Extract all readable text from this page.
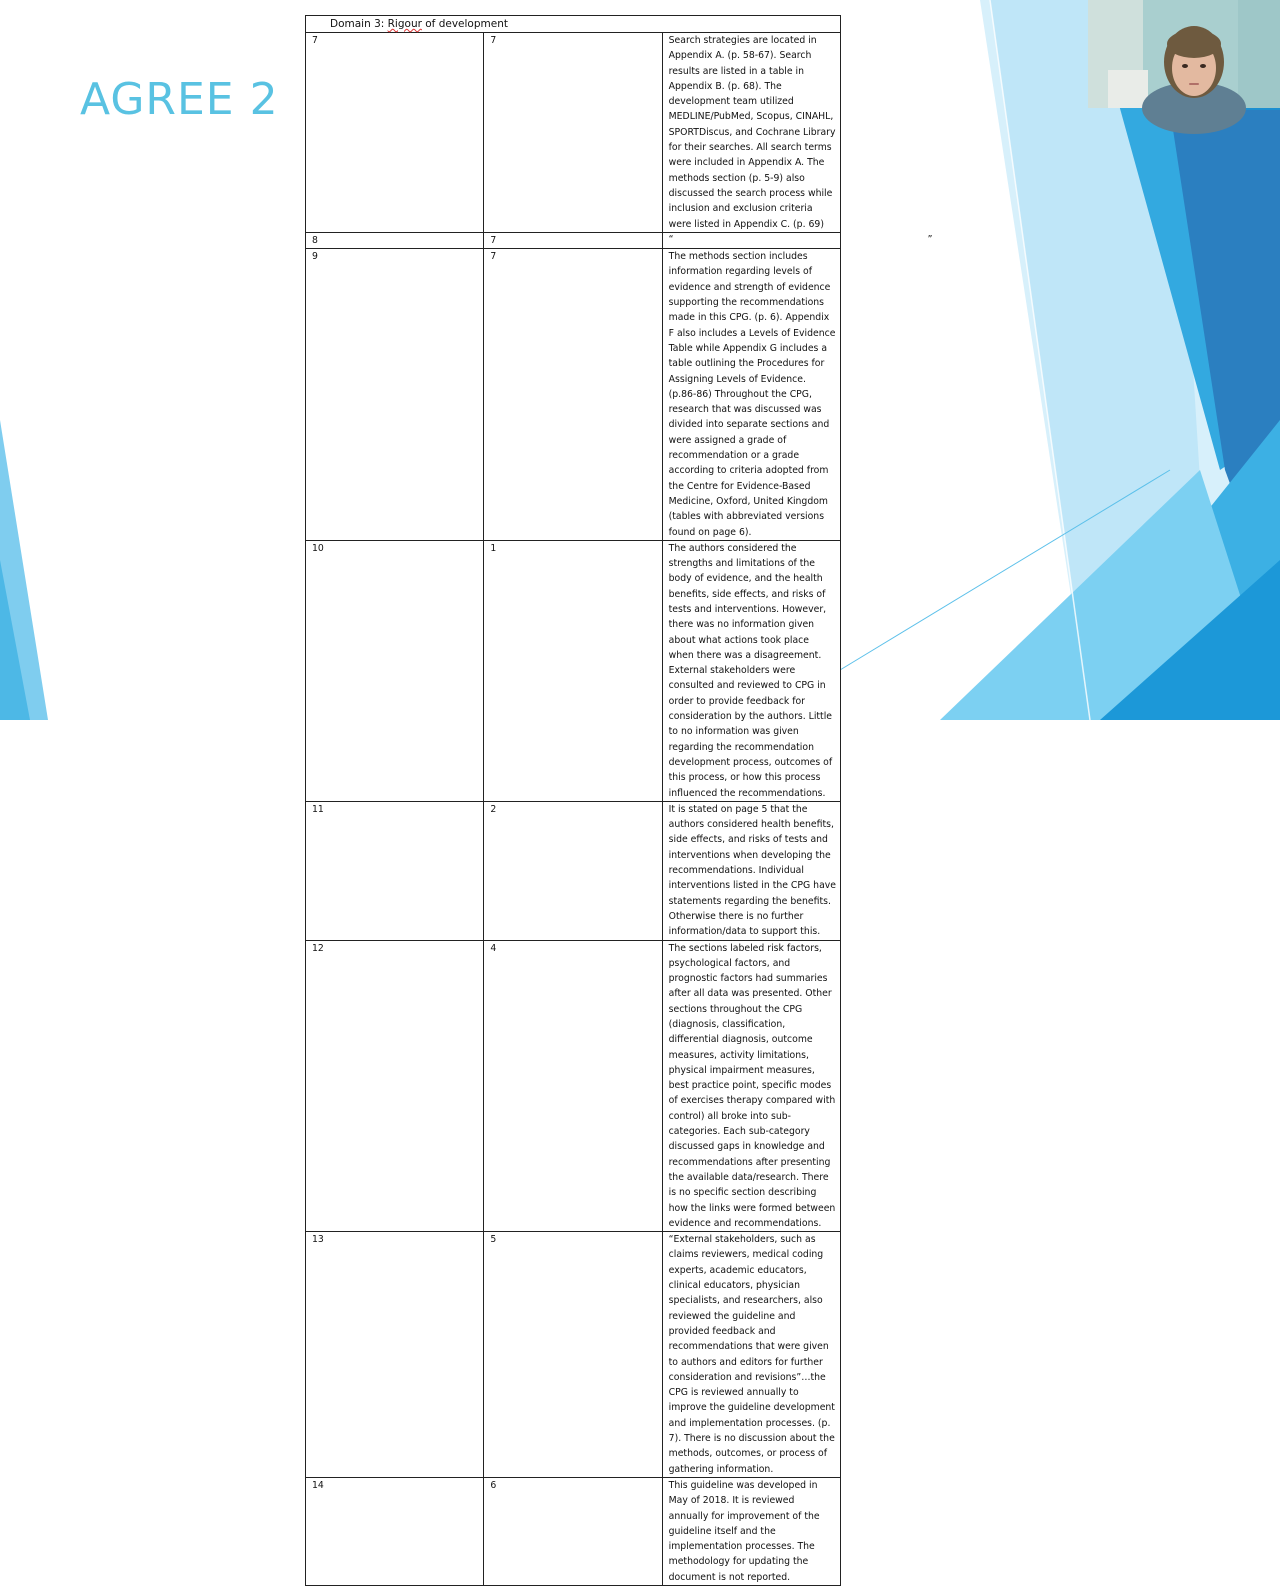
AGREE 2
Domain 3: Rigour of development		
7	7	Search strategies are located in Appendix A. (p. 58-67). Search results are listed in a table in Appendix B. (p. 68). The development team utilized MEDLINE/PubMed, Scopus, CINAHL, SPORTDiscus, and Cochrane Library for their searches. All search terms were included in Appendix A. The methods section (p. 5-9) also discussed the search process while inclusion and exclusion criteria were listed in Appendix C. (p. 69)
8	7	“                                                                                      ”
9	7	The methods section includes information regarding levels of evidence and strength of evidence supporting the recommendations made in this CPG. (p. 6). Appendix F also includes a Levels of Evidence Table while Appendix G includes a table outlining the Procedures for Assigning Levels of Evidence. (p.86-86) Throughout the CPG, research that was discussed was divided into separate sections and were assigned a grade of recommendation or a grade according to criteria adopted from the Centre for Evidence-Based Medicine, Oxford, United Kingdom (tables with abbreviated versions found on page 6).
10	1	The authors considered the strengths and limitations of the body of evidence, and the health benefits, side effects, and risks of tests and interventions. However, there was no information given about what actions took place when there was a disagreement. External stakeholders were consulted and reviewed to CPG in order to provide feedback for consideration by the authors. Little to no information was given regarding the recommendation development process, outcomes of this process, or how this process influenced the recommendations.
11	2	It is stated on page 5 that the authors considered health benefits, side effects, and risks of tests and interventions when developing the recommendations. Individual interventions listed in the CPG have statements regarding the benefits. Otherwise there is no further information/data to support this.
12	4	The sections labeled risk factors, psychological factors, and prognostic factors had summaries after all data was presented. Other sections throughout the CPG (diagnosis, classification, differential diagnosis, outcome measures, activity limitations, physical impairment measures, best practice point, specific modes of exercises therapy compared with control) all broke into sub-categories. Each sub-category discussed gaps in knowledge and recommendations after presenting the available data/research. There is no specific section describing how the links were formed between evidence and recommendations.
13	5	“External stakeholders, such as claims reviewers, medical coding experts, academic educators, clinical educators, physician specialists, and researchers, also reviewed the guideline and provided feedback and recommendations that were given to authors and editors for further consideration and revisions”…the CPG is reviewed annually to improve the guideline development and implementation processes. (p. 7). There is no discussion about the methods, outcomes, or process of gathering information.
14	6	This guideline was developed in May of 2018. It is reviewed annually for improvement of the guideline itself and the implementation processes. The methodology for updating the document is not reported.
